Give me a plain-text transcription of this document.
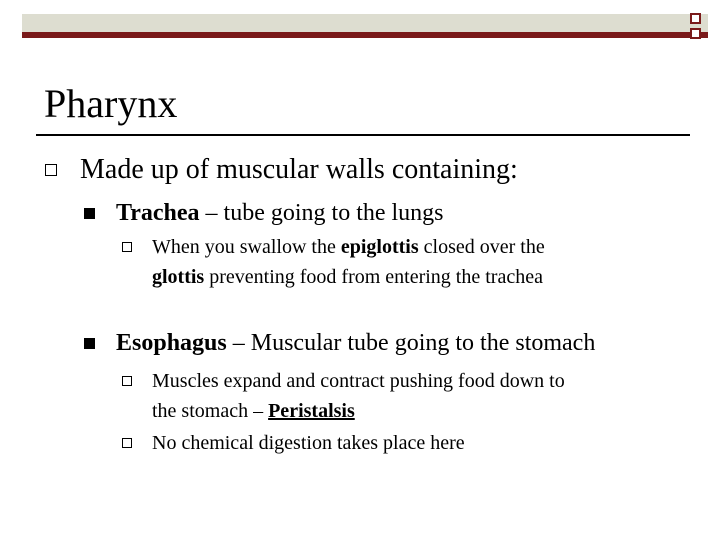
Pharynx
Made up of muscular walls containing:
Trachea – tube going to the lungs
When you swallow the epiglottis closed over the
glottis preventing food from entering the trachea
Esophagus – Muscular tube going to the stomach
Muscles expand and contract pushing food down to
the stomach – Peristalsis
No chemical digestion takes place here
